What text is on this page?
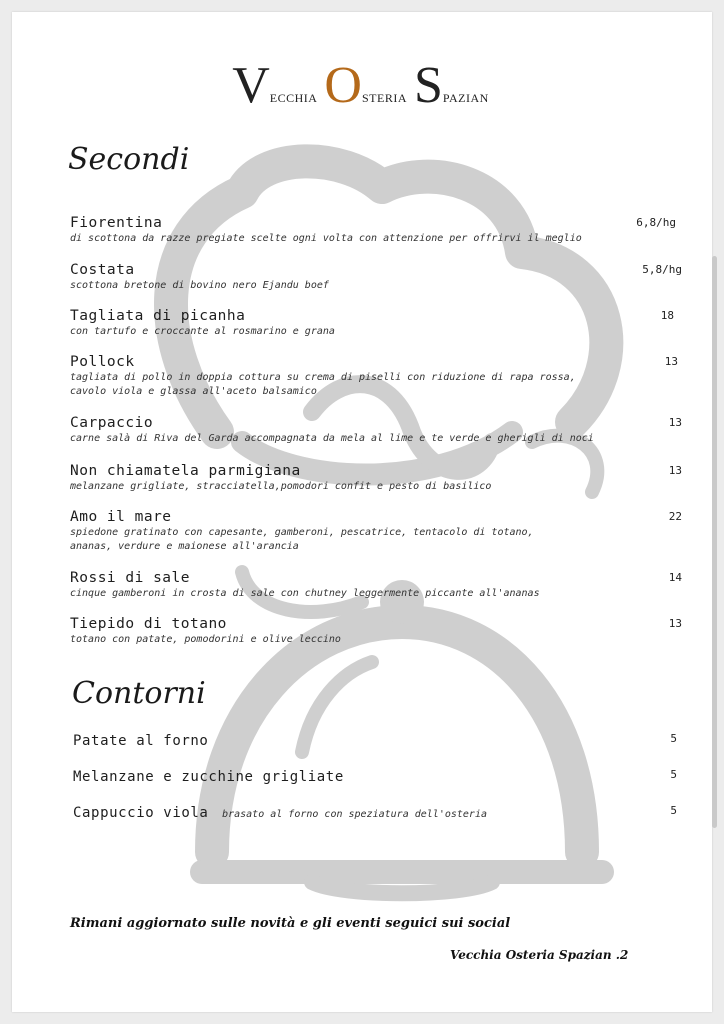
VECCHIA OSTERIA SPAZIAN
Secondi
Fiorentina
di scottona da razze pregiate scelte ogni volta con attenzione per offrirvi il meglio
6,8/hg
Costata
scottona bretone di bovino nero Ejandu boef
5,8/hg
Tagliata di picanha
con tartufo e croccante al rosmarino e grana
18
Pollock
tagliata di pollo in doppia cottura su crema di piselli con riduzione di rapa rossa,
cavolo viola e glassa all'aceto balsamico
13
Carpaccio
carne salà di Riva del Garda accompagnata da mela al lime e te verde e gherigli di noci
13
Non chiamatela parmigiana
melanzane grigliate, stracciatella,pomodori confit e pesto di basilico
13
Amo il mare
spiedone gratinato con capesante, gamberoni, pescatrice, tentacolo di totano,
ananas, verdure e maionese all'arancia
22
Rossi di sale
cinque gamberoni in crosta di sale con chutney leggermente piccante all'ananas
14
Tiepido di totano
totano con patate, pomodorini e olive leccino
13
Contorni
Patate al forno	5
Melanzane e zucchine grigliate	5
Cappuccio viola brasato al forno con speziatura dell'osteria	5
Rimani aggiornato sulle novità e gli eventi seguici sui social
Vecchia Osteria Spazian .2
